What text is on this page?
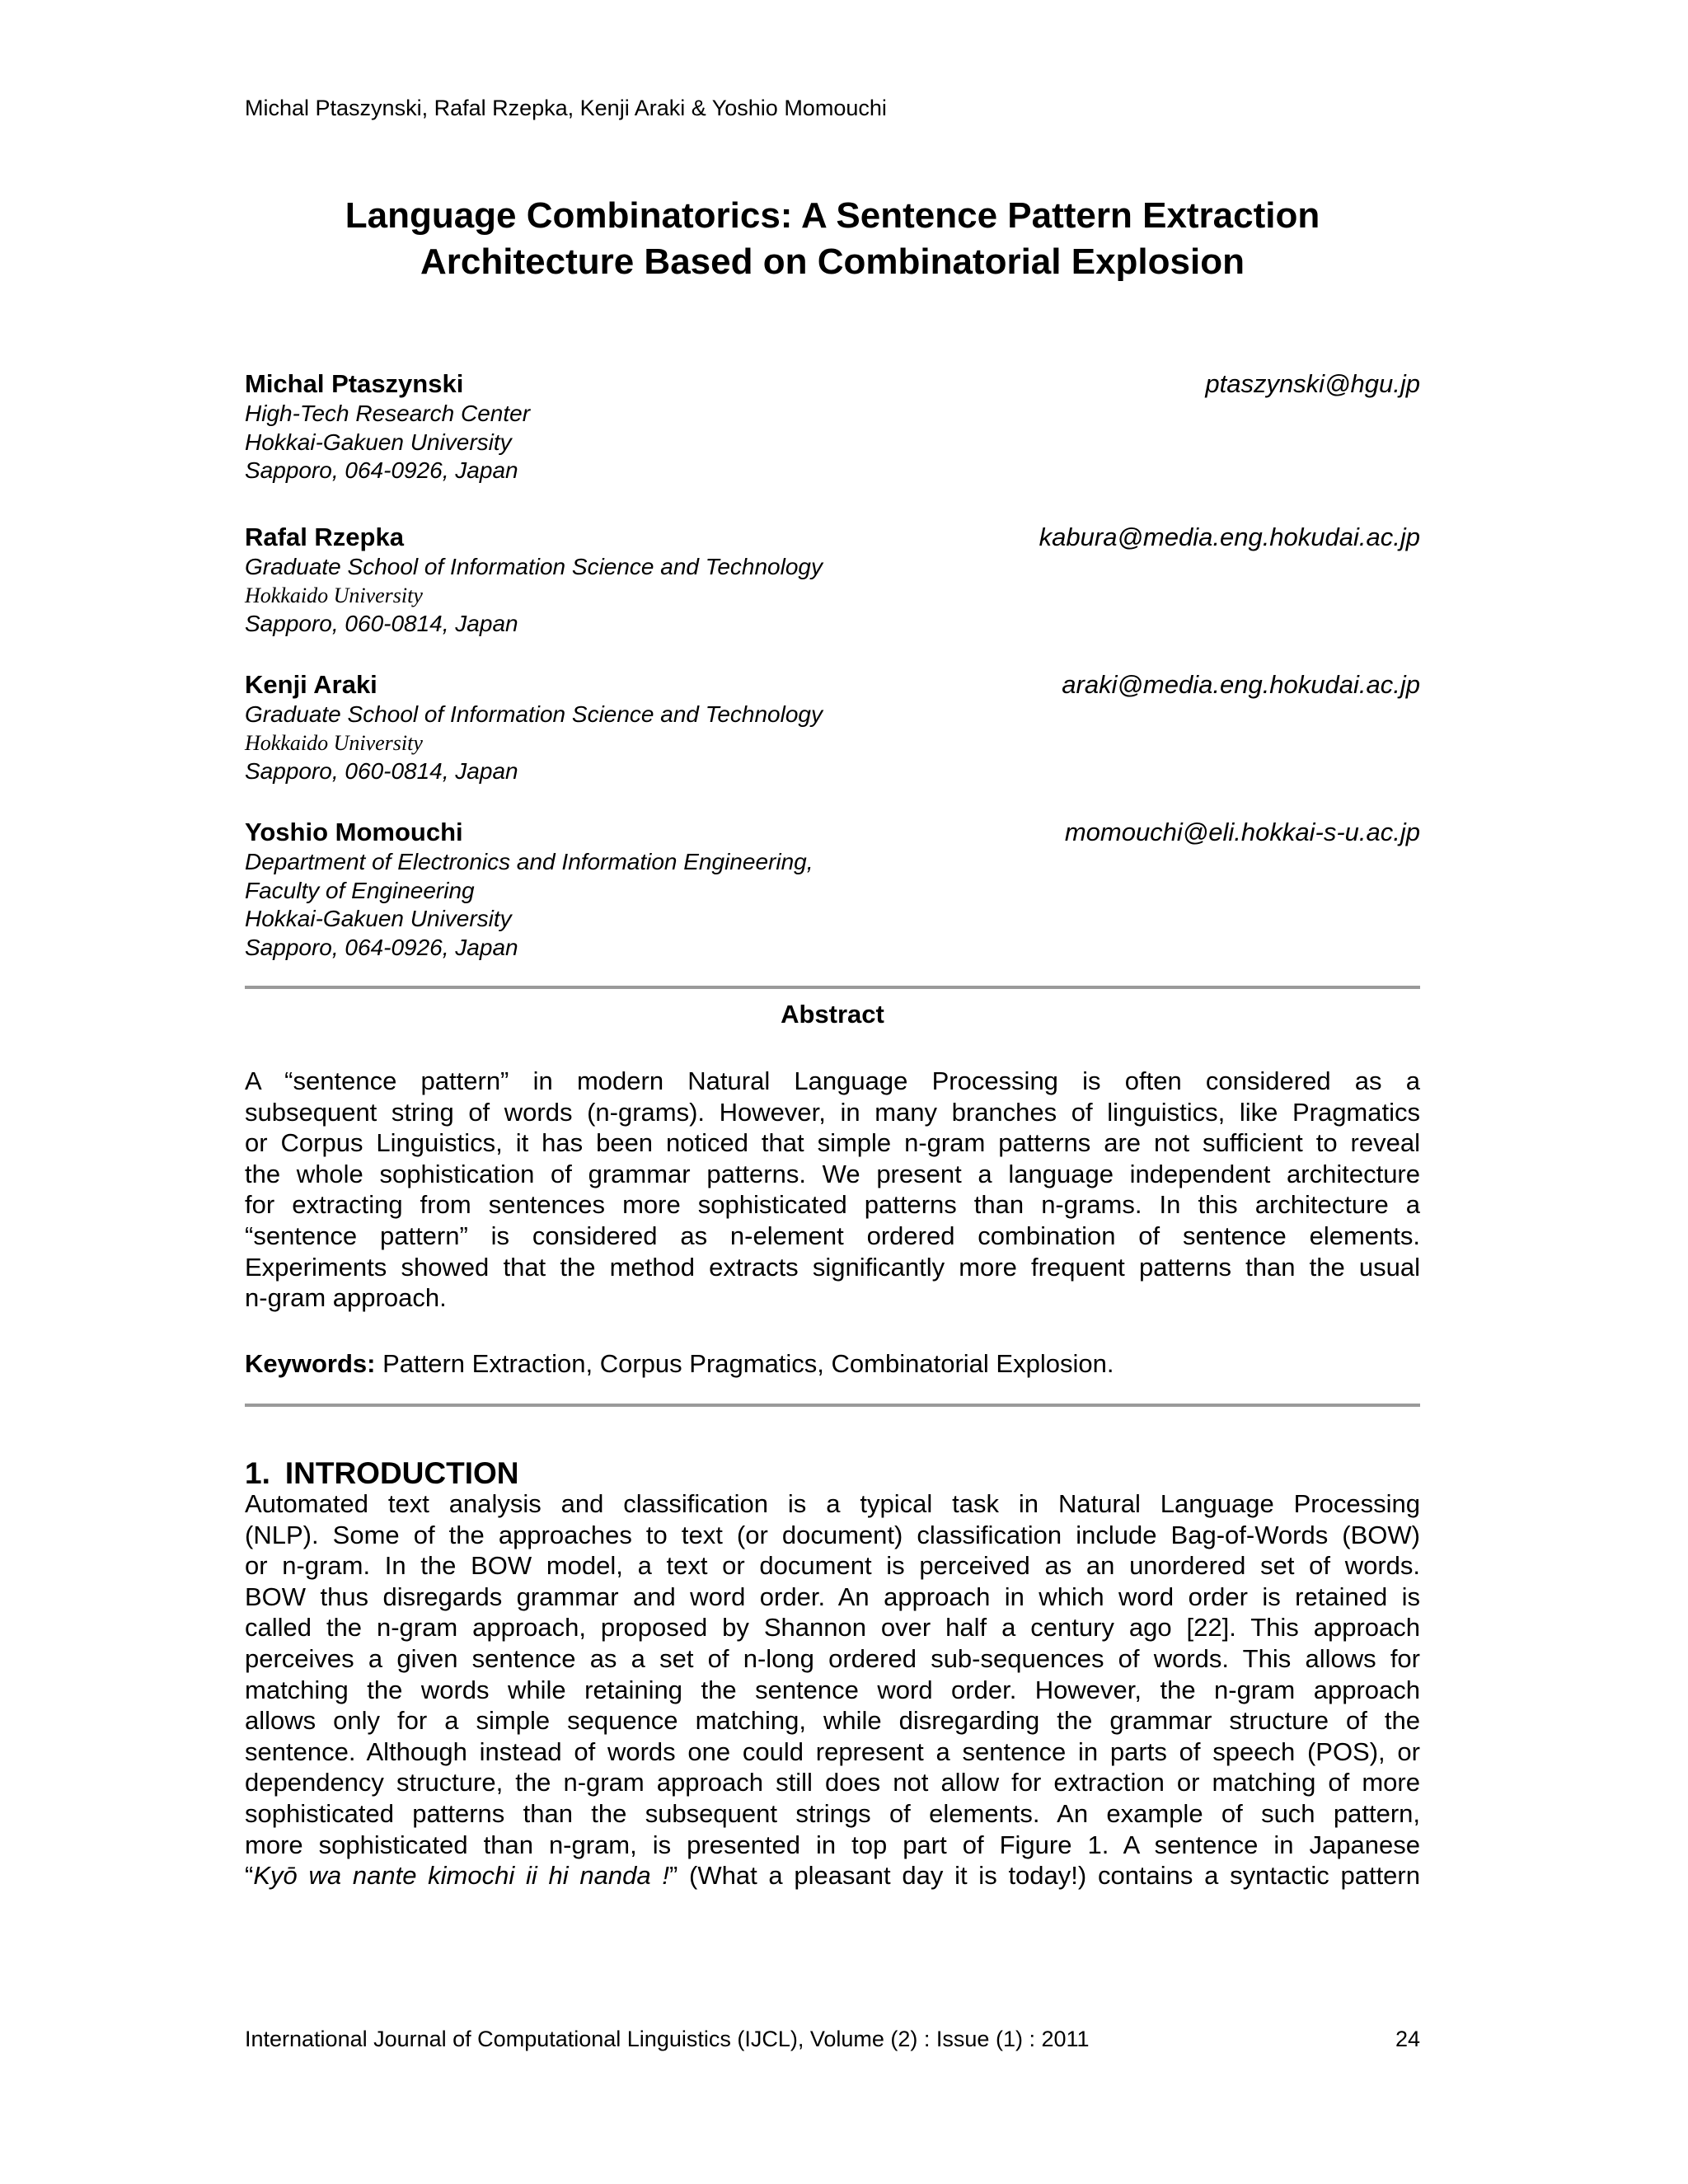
Michal Ptaszynski, Rafal Rzepka, Kenji Araki & Yoshio Momouchi
Language Combinatorics: A Sentence Pattern Extraction
Architecture Based on Combinatorial Explosion
Michal Ptaszynski
High-Tech Research Center
Hokkai-Gakuen University
Sapporo, 064-0926, Japan
ptaszynski@hgu.jp
Rafal Rzepka
Graduate School of Information Science and Technology
Hokkaido University
Sapporo, 060-0814, Japan
kabura@media.eng.hokudai.ac.jp
Kenji Araki
Graduate School of Information Science and Technology
Hokkaido University
Sapporo, 060-0814, Japan
araki@media.eng.hokudai.ac.jp
Yoshio Momouchi
Department of Electronics and Information Engineering,
Faculty of Engineering
Hokkai-Gakuen University
Sapporo, 064-0926, Japan
momouchi@eli.hokkai-s-u.ac.jp
Abstract
A “sentence pattern” in modern Natural Language Processing is often considered as a
subsequent string of words (n-grams). However, in many branches of linguistics, like Pragmatics
or Corpus Linguistics, it has been noticed that simple n-gram patterns are not sufficient to reveal
the whole sophistication of grammar patterns. We present a language independent architecture
for extracting from sentences more sophisticated patterns than n-grams. In this architecture a
“sentence pattern” is considered as n-element ordered combination of sentence elements.
Experiments showed that the method extracts significantly more frequent patterns than the usual
n-gram approach.
Keywords: Pattern Extraction, Corpus Pragmatics, Combinatorial Explosion.
1. INTRODUCTION
Automated text analysis and classification is a typical task in Natural Language Processing
(NLP). Some of the approaches to text (or document) classification include Bag-of-Words (BOW)
or n-gram. In the BOW model, a text or document is perceived as an unordered set of words.
BOW thus disregards grammar and word order. An approach in which word order is retained is
called the n-gram approach, proposed by Shannon over half a century ago [22]. This approach
perceives a given sentence as a set of n-long ordered sub-sequences of words. This allows for
matching the words while retaining the sentence word order. However, the n-gram approach
allows only for a simple sequence matching, while disregarding the grammar structure of the
sentence. Although instead of words one could represent a sentence in parts of speech (POS), or
dependency structure, the n-gram approach still does not allow for extraction or matching of more
sophisticated patterns than the subsequent strings of elements. An example of such pattern,
more sophisticated than n-gram, is presented in top part of Figure 1. A sentence in Japanese
“Kyō wa nante kimochi ii hi nanda !” (What a pleasant day it is today!) contains a syntactic pattern
International Journal of Computational Linguistics (IJCL), Volume (2) : Issue (1) : 2011	24
